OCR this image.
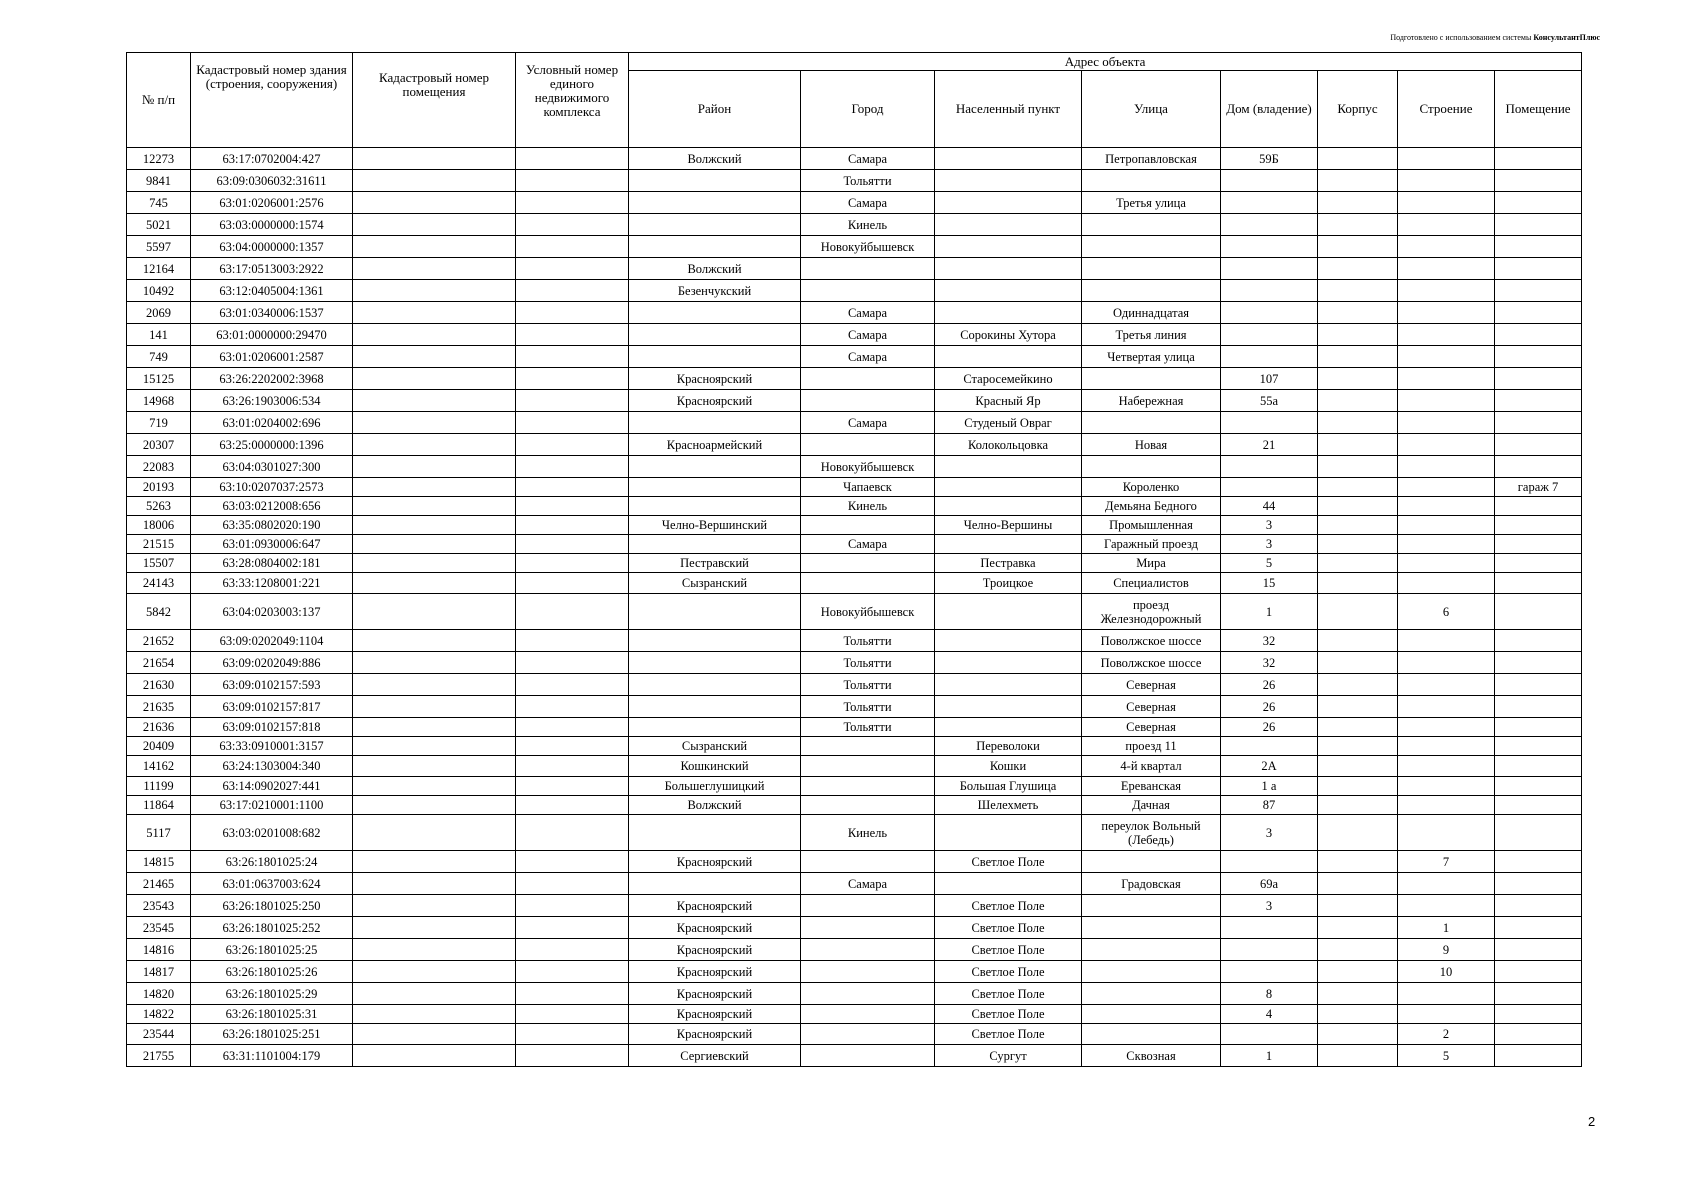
Подготовлено с использованием системы КонсультантПлюс
№ п/п	Кадастровый номер здания (строения, сооружения)	Кадастровый номер помещения	Условный номер единого недвижимого комплекса	Адрес объекта							
				Район	Город	Населенный пункт	Улица	Дом (владение)	Корпус	Строение	Помещение
12273	63:17:0702004:427			Волжский	Самара		Петропавловская	59Б			
9841	63:09:0306032:31611				Тольятти						
745	63:01:0206001:2576				Самара		Третья улица				
5021	63:03:0000000:1574				Кинель						
5597	63:04:0000000:1357				Новокуйбышевск						
12164	63:17:0513003:2922			Волжский							
10492	63:12:0405004:1361			Безенчукский							
2069	63:01:0340006:1537				Самара		Одиннадцатая				
141	63:01:0000000:29470				Самара	Сорокины Хутора	Третья линия				
749	63:01:0206001:2587				Самара		Четвертая улица				
15125	63:26:2202002:3968			Красноярский		Старосемейкино		107			
14968	63:26:1903006:534			Красноярский		Красный Яр	Набережная	55а			
719	63:01:0204002:696				Самара	Студеный Овраг					
20307	63:25:0000000:1396			Красноармейский		Колокольцовка	Новая	21			
22083	63:04:0301027:300				Новокуйбышевск						
20193	63:10:0207037:2573				Чапаевск		Короленко				гараж 7
5263	63:03:0212008:656				Кинель		Демьяна Бедного	44			
18006	63:35:0802020:190			Челно-Вершинский		Челно-Вершины	Промышленная	3			
21515	63:01:0930006:647				Самара		Гаражный проезд	3			
15507	63:28:0804002:181			Пестравский		Пестравка	Мира	5			
24143	63:33:1208001:221			Сызранский		Троицкое	Специалистов	15			
5842	63:04:0203003:137				Новокуйбышевск		проезд Железнодорожный	1		6	
21652	63:09:0202049:1104				Тольятти		Поволжское шоссе	32			
21654	63:09:0202049:886				Тольятти		Поволжское шоссе	32			
21630	63:09:0102157:593				Тольятти		Северная	26			
21635	63:09:0102157:817				Тольятти		Северная	26			
21636	63:09:0102157:818				Тольятти		Северная	26			
20409	63:33:0910001:3157			Сызранский		Переволоки	проезд 11				
14162	63:24:1303004:340			Кошкинский		Кошки	4-й квартал	2А			
11199	63:14:0902027:441			Большеглушицкий		Большая Глушица	Ереванская	1 а			
11864	63:17:0210001:1100			Волжский		Шелехметь	Дачная	87			
5117	63:03:0201008:682				Кинель		переулок Вольный (Лебедь)	3			
14815	63:26:1801025:24			Красноярский		Светлое Поле				7	
21465	63:01:0637003:624				Самара		Градовская	69а			
23543	63:26:1801025:250			Красноярский		Светлое Поле		3			
23545	63:26:1801025:252			Красноярский		Светлое Поле				1	
14816	63:26:1801025:25			Красноярский		Светлое Поле				9	
14817	63:26:1801025:26			Красноярский		Светлое Поле				10	
14820	63:26:1801025:29			Красноярский		Светлое Поле		8			
14822	63:26:1801025:31			Красноярский		Светлое Поле		4			
23544	63:26:1801025:251			Красноярский		Светлое Поле				2	
21755	63:31:1101004:179			Сергиевский		Сургут	Сквозная	1		5	
2
